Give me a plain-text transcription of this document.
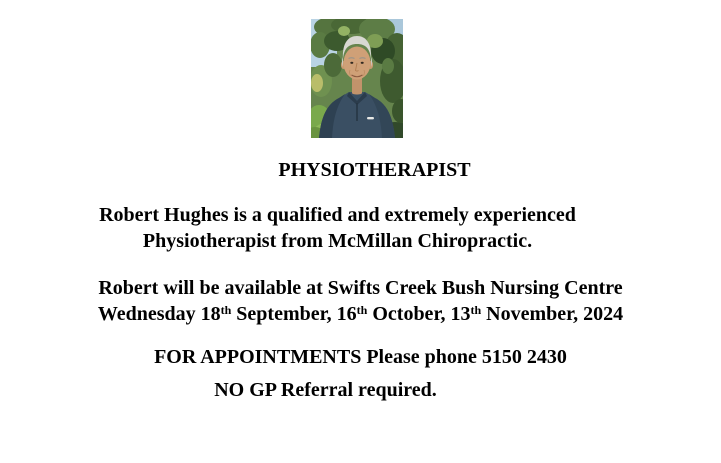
PHYSIOTHERAPIST
Robert Hughes is a qualified and extremely experienced
Physiotherapist from McMillan Chiropractic.
Robert will be available at Swifts Creek Bush Nursing Centre
Wednesday 18th September, 16th October, 13th November, 2024
FOR APPOINTMENTS Please phone 5150 2430
NO GP Referral required.
